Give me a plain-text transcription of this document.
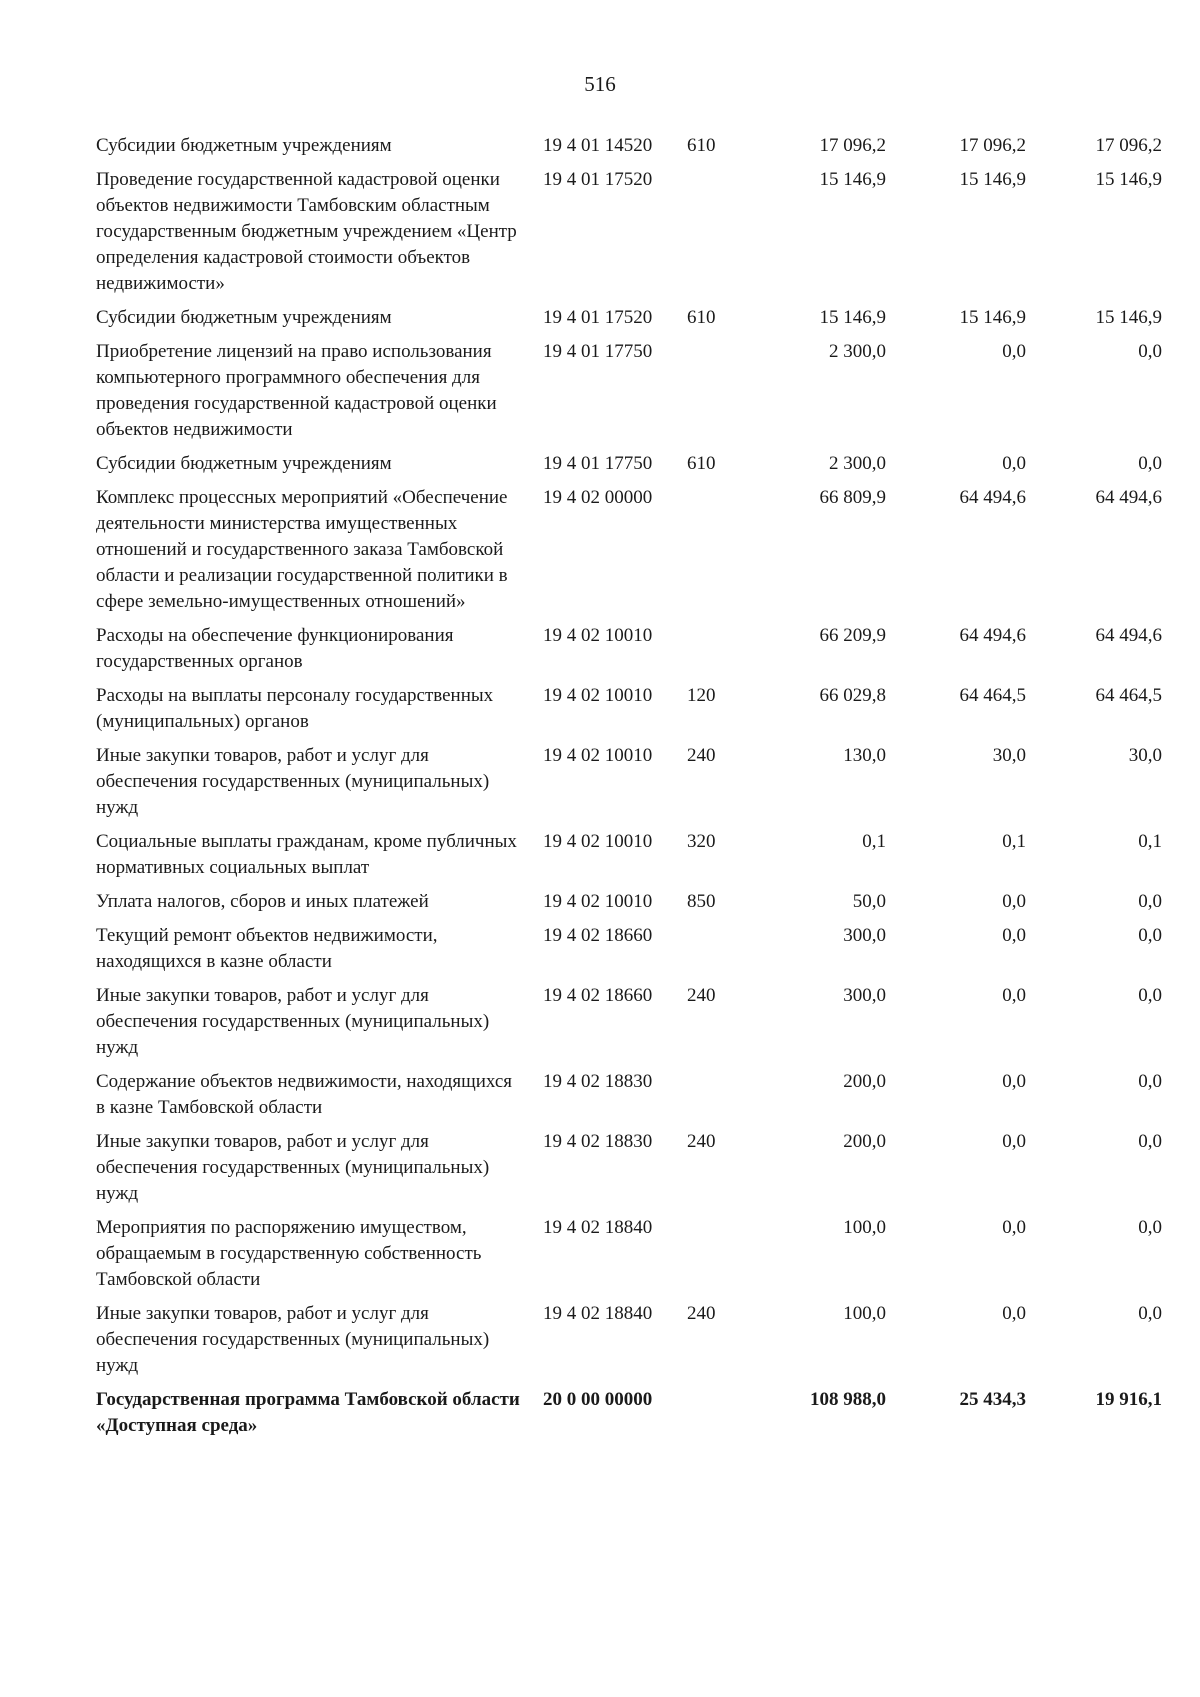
516
Субсидии бюджетным учреждениям	19 4 01 14520	610	17 096,2	17 096,2	17 096,2
Проведение государственной кадастровой оценки объектов недвижимости Тамбовским областным государственным бюджетным учреждением «Центр определения кадастровой стоимости объектов недвижимости»	19 4 01 17520		15 146,9	15 146,9	15 146,9
Субсидии бюджетным учреждениям	19 4 01 17520	610	15 146,9	15 146,9	15 146,9
Приобретение лицензий на право использования компьютерного программного обеспечения для проведения государственной кадастровой оценки объектов недвижимости	19 4 01 17750		2 300,0	0,0	0,0
Субсидии бюджетным учреждениям	19 4 01 17750	610	2 300,0	0,0	0,0
Комплекс процессных мероприятий «Обеспечение деятельности министерства имущественных отношений и государственного заказа Тамбовской области и реализации государственной политики в сфере земельно-имущественных отношений»	19 4 02 00000		66 809,9	64 494,6	64 494,6
Расходы на обеспечение функционирования государственных органов	19 4 02 10010		66 209,9	64 494,6	64 494,6
Расходы на выплаты персоналу государственных (муниципальных) органов	19 4 02 10010	120	66 029,8	64 464,5	64 464,5
Иные закупки товаров, работ и услуг для обеспечения государственных (муниципальных) нужд	19 4 02 10010	240	130,0	30,0	30,0
Социальные выплаты гражданам, кроме публичных нормативных социальных выплат	19 4 02 10010	320	0,1	0,1	0,1
Уплата налогов, сборов и иных платежей	19 4 02 10010	850	50,0	0,0	0,0
Текущий ремонт объектов недвижимости, находящихся в казне области	19 4 02 18660		300,0	0,0	0,0
Иные закупки товаров, работ и услуг для обеспечения государственных (муниципальных) нужд	19 4 02 18660	240	300,0	0,0	0,0
Содержание объектов недвижимости, находящихся в казне Тамбовской области	19 4 02 18830		200,0	0,0	0,0
Иные закупки товаров, работ и услуг для обеспечения государственных (муниципальных) нужд	19 4 02 18830	240	200,0	0,0	0,0
Мероприятия по распоряжению имуществом, обращаемым в государственную собственность Тамбовской области	19 4 02 18840		100,0	0,0	0,0
Иные закупки товаров, работ и услуг для обеспечения государственных (муниципальных) нужд	19 4 02 18840	240	100,0	0,0	0,0
Государственная программа Тамбовской области «Доступная среда»	20 0 00 00000		108 988,0	25 434,3	19 916,1
